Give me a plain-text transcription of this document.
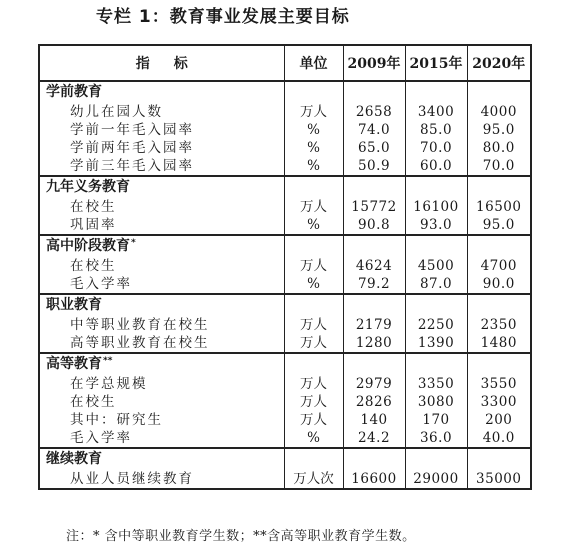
专栏 1：教育事业发展主要目标
指标	单位	2009年	2015年	2020年
学前教育				
幼儿在园人数	万人	2658	3400	4000
学前一年毛入园率	%	74.0	85.0	95.0
学前两年毛入园率	%	65.0	70.0	80.0
学前三年毛入园率	%	50.9	60.0	70.0
九年义务教育				
在校生	万人	15772	16100	16500
巩固率	%	90.8	93.0	95.0
高中阶段教育*				
在校生	万人	4624	4500	4700
毛入学率	%	79.2	87.0	90.0
职业教育				
中等职业教育在校生	万人	2179	2250	2350
高等职业教育在校生	万人	1280	1390	1480
高等教育**				
在学总规模	万人	2979	3350	3550
在校生	万人	2826	3080	3300
其中：研究生	万人	140	170	200
毛入学率	%	24.2	36.0	40.0
继续教育				
从业人员继续教育	万人次	16600	29000	35000
注：* 含中等职业教育学生数；**含高等职业教育学生数。
